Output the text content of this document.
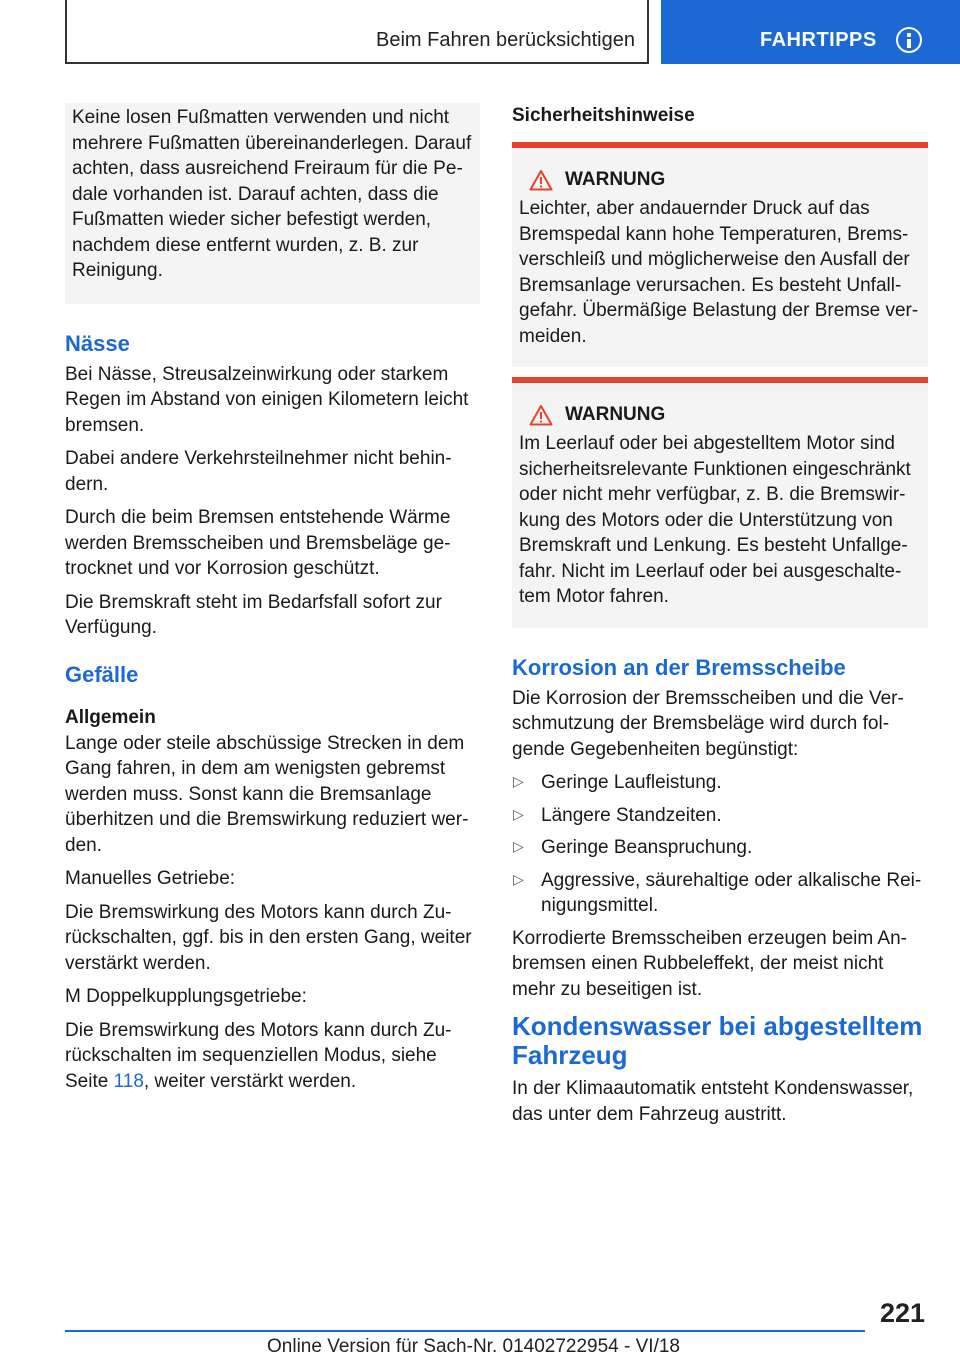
Beim Fahren berücksichtigen	FAHRTIPPS

Keine losen Fußmatten verwenden und nicht mehrere Fußmatten übereinanderlegen. Darauf achten, dass ausreichend Freiraum für die Pedale vorhanden ist. Darauf achten, dass die Fußmatten wieder sicher befestigt werden, nachdem diese entfernt wurden, z. B. zur Reinigung.

Nässe

Bei Nässe, Streusalzeinwirkung oder starkem Regen im Abstand von einigen Kilometern leicht bremsen.

Dabei andere Verkehrsteilnehmer nicht behindern.

Durch die beim Bremsen entstehende Wärme werden Bremsscheiben und Bremsbeläge getrocknet und vor Korrosion geschützt.

Die Bremskraft steht im Bedarfsfall sofort zur Verfügung.

Gefälle
Allgemein

Lange oder steile abschüssige Strecken in dem Gang fahren, in dem am wenigsten gebremst werden muss. Sonst kann die Bremsanlage überhitzen und die Bremswirkung reduziert werden.

Manuelles Getriebe:

Die Bremswirkung des Motors kann durch Zurückschalten, ggf. bis in den ersten Gang, weiter verstärkt werden.

M Doppelkupplungsgetriebe:

Die Bremswirkung des Motors kann durch Zurückschalten im sequenziellen Modus, siehe Seite 118, weiter verstärkt werden.

Sicherheitshinweise
WARNUNG

Leichter, aber andauernder Druck auf das Bremspedal kann hohe Temperaturen, Bremsverschleiß und möglicherweise den Ausfall der Bremsanlage verursachen. Es besteht Unfallgefahr. Übermäßige Belastung der Bremse vermeiden.

WARNUNG

Im Leerlauf oder bei abgestelltem Motor sind sicherheitsrelevante Funktionen eingeschränkt oder nicht mehr verfügbar, z. B. die Bremswirkung des Motors oder die Unterstützung von Bremskraft und Lenkung. Es besteht Unfallgefahr. Nicht im Leerlauf oder bei ausgeschaltetem Motor fahren.

Korrosion an der Bremsscheibe

Die Korrosion der Bremsscheiben und die Verschmutzung der Bremsbeläge wird durch folgende Gegebenheiten begünstigt:

▷ Geringe Laufleistung.
▷ Längere Standzeiten.
▷ Geringe Beanspruchung.
▷ Aggressive, säurehaltige oder alkalische Reinigungsmittel.

Korrodierte Bremsscheiben erzeugen beim Anbremsen einen Rubbeleffekt, der meist nicht mehr zu beseitigen ist.

Kondenswasser bei abgestelltem Fahrzeug

In der Klimaautomatik entsteht Kondenswasser, das unter dem Fahrzeug austritt.

221
Online Version für Sach-Nr. 01402722954 - VI/18
